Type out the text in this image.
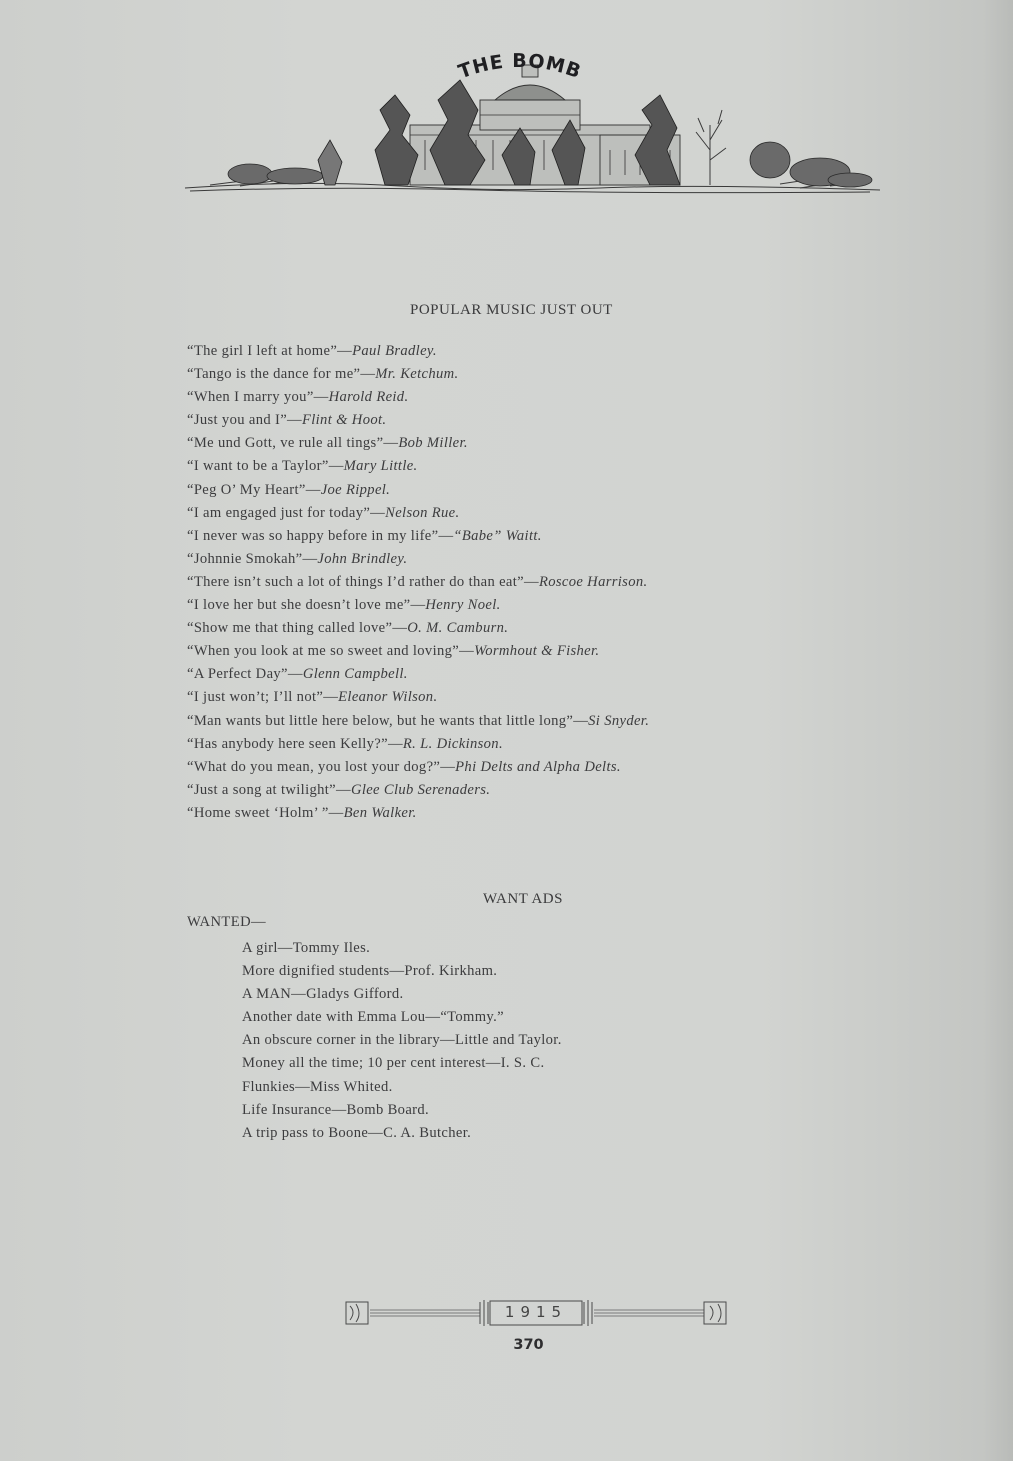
THE BOMB
POPULAR MUSIC JUST OUT
“The girl I left at home”—Paul Bradley.
“Tango is the dance for me”—Mr. Ketchum.
“When I marry you”—Harold Reid.
“Just you and I”—Flint & Hoot.
“Me und Gott, ve rule all tings”—Bob Miller.
“I want to be a Taylor”—Mary Little.
“Peg O’ My Heart”—Joe Rippel.
“I am engaged just for today”—Nelson Rue.
“I never was so happy before in my life”—“Babe” Waitt.
“Johnnie Smokah”—John Brindley.
“There isn’t such a lot of things I’d rather do than eat”—Roscoe Harrison.
“I love her but she doesn’t love me”—Henry Noel.
“Show me that thing called love”—O. M. Camburn.
“When you look at me so sweet and loving”—Wormhout & Fisher.
“A Perfect Day”—Glenn Campbell.
“I just won’t; I’ll not”—Eleanor Wilson.
“Man wants but little here below, but he wants that little long”—Si Snyder.
“Has anybody here seen Kelly?”—R. L. Dickinson.
“What do you mean, you lost your dog?”—Phi Delts and Alpha Delts.
“Just a song at twilight”—Glee Club Serenaders.
“Home sweet ‘Holm’ ”—Ben Walker.
WANT ADS
WANTED—
A girl—Tommy Iles.
More dignified students—Prof. Kirkham.
A MAN—Gladys Gifford.
Another date with Emma Lou—“Tommy.”
An obscure corner in the library—Little and Taylor.
Money all the time; 10 per cent interest—I. S. C.
Flunkies—Miss Whited.
Life Insurance—Bomb Board.
A trip pass to Boone—C. A. Butcher.
1915
370
